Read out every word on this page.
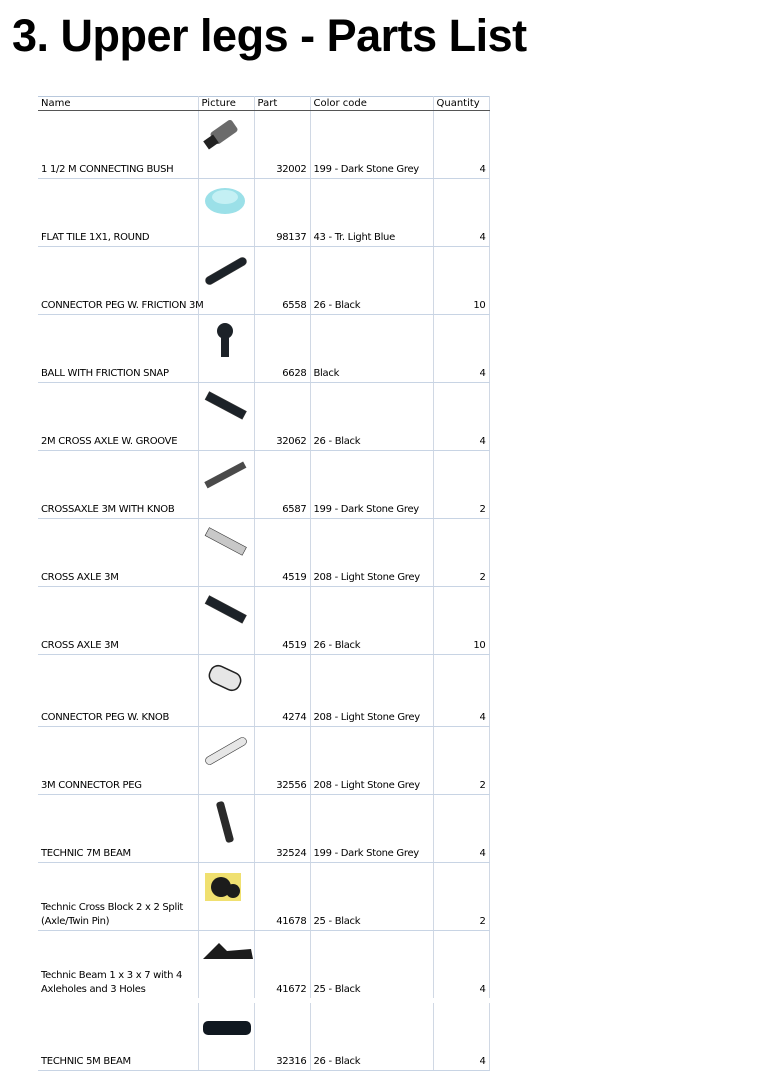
3. Upper legs - Parts List
Name	Picture	Part	Color code	Quantity
1 1/2 M CONNECTING BUSH		32002	199 - Dark Stone Grey	4
FLAT TILE 1X1, ROUND		98137	43 - Tr. Light Blue	4
CONNECTOR PEG W. FRICTION 3M		6558	26 - Black	10
BALL WITH FRICTION SNAP		6628	Black	4
2M CROSS AXLE W. GROOVE		32062	26 - Black	4
CROSSAXLE 3M WITH KNOB		6587	199 - Dark Stone Grey	2
CROSS AXLE 3M		4519	208 - Light Stone Grey	2
CROSS AXLE 3M		4519	26 - Black	10
CONNECTOR PEG W. KNOB		4274	208 - Light Stone Grey	4
3M CONNECTOR PEG		32556	208 - Light Stone Grey	2
TECHNIC 7M BEAM		32524	199 - Dark Stone Grey	4
Technic Cross Block 2 x 2 Split (Axle/Twin Pin)		41678	25 - Black	2
Technic Beam 1 x 3 x 7 with 4 Axleholes and 3 Holes		41672	25 - Black	4
TECHNIC 5M BEAM		32316	26 - Black	4
